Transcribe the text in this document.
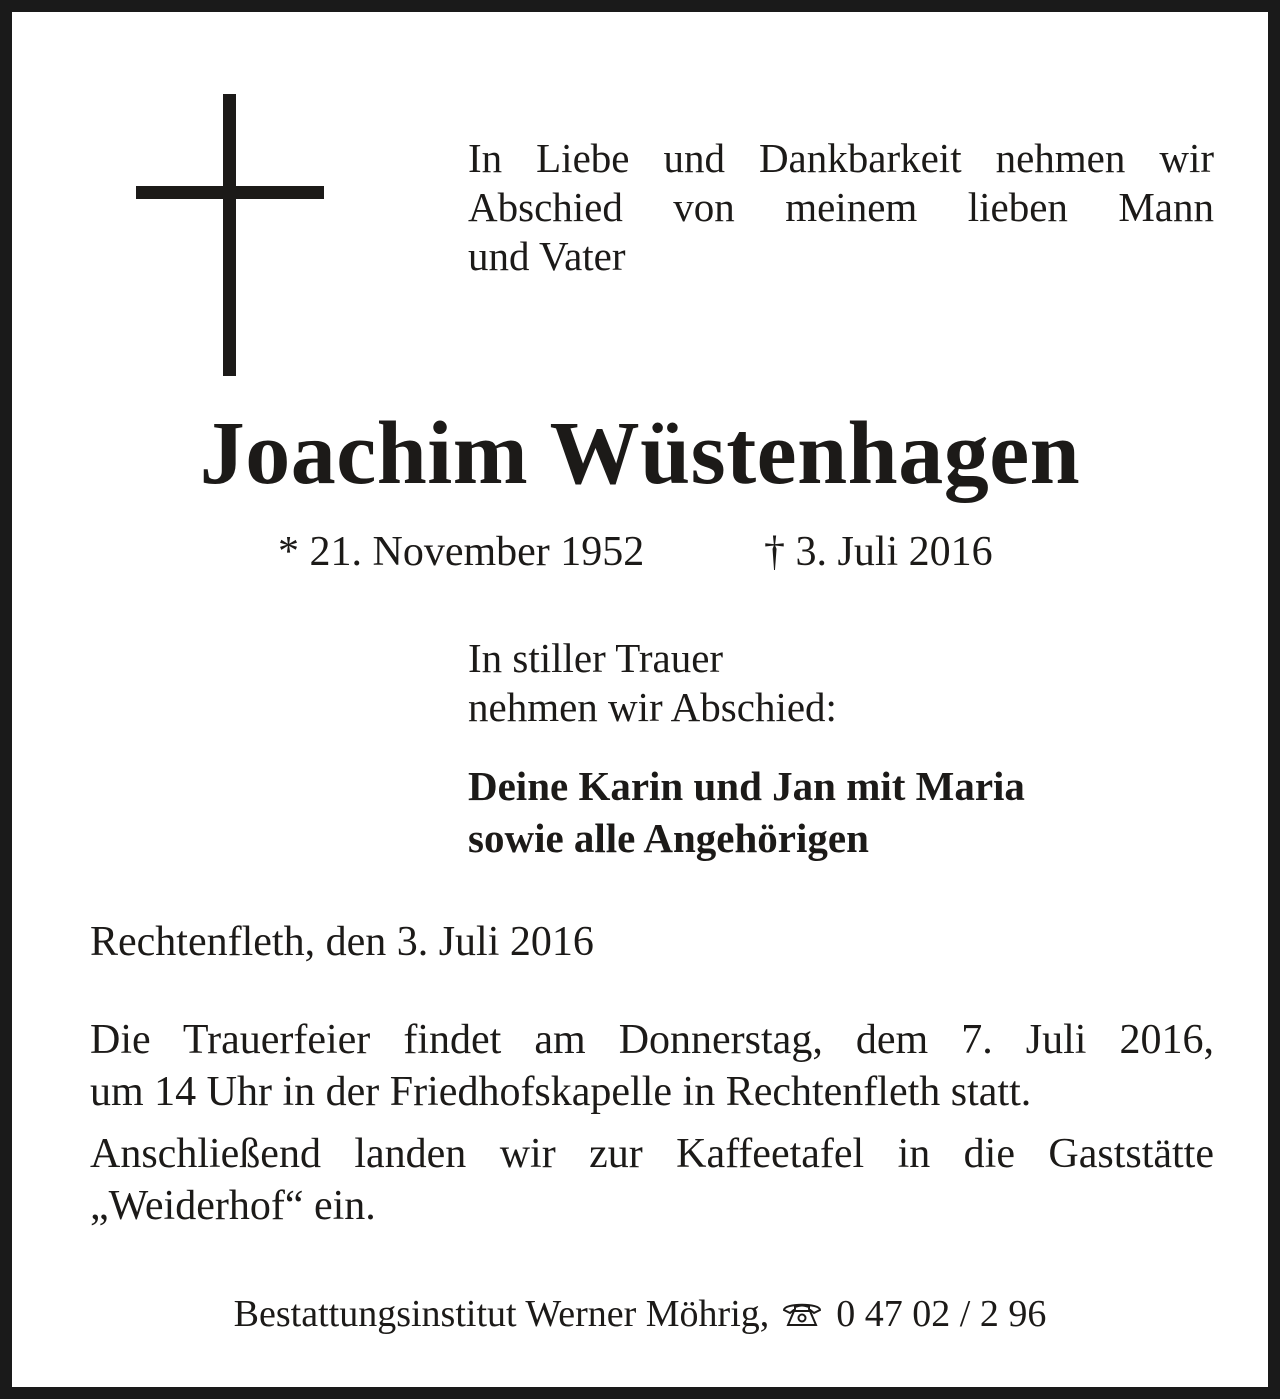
In Liebe und Dankbarkeit nehmen wir
Abschied von meinem lieben Mann
und Vater
Joachim Wüstenhagen
* 21. November 1952	† 3. Juli 2016
In stiller Trauer
nehmen wir Abschied:
Deine Karin und Jan mit Maria
sowie alle Angehörigen
Rechtenfleth, den 3. Juli 2016
Die Trauerfeier findet am Donnerstag, dem 7. Juli 2016,
um 14 Uhr in der Friedhofskapelle in Rechtenfleth statt.
Anschließend landen wir zur Kaffeetafel in die Gaststätte
„Weiderhof“ ein.
Bestattungsinstitut Werner Möhrig, 0 47 02 / 2 96
